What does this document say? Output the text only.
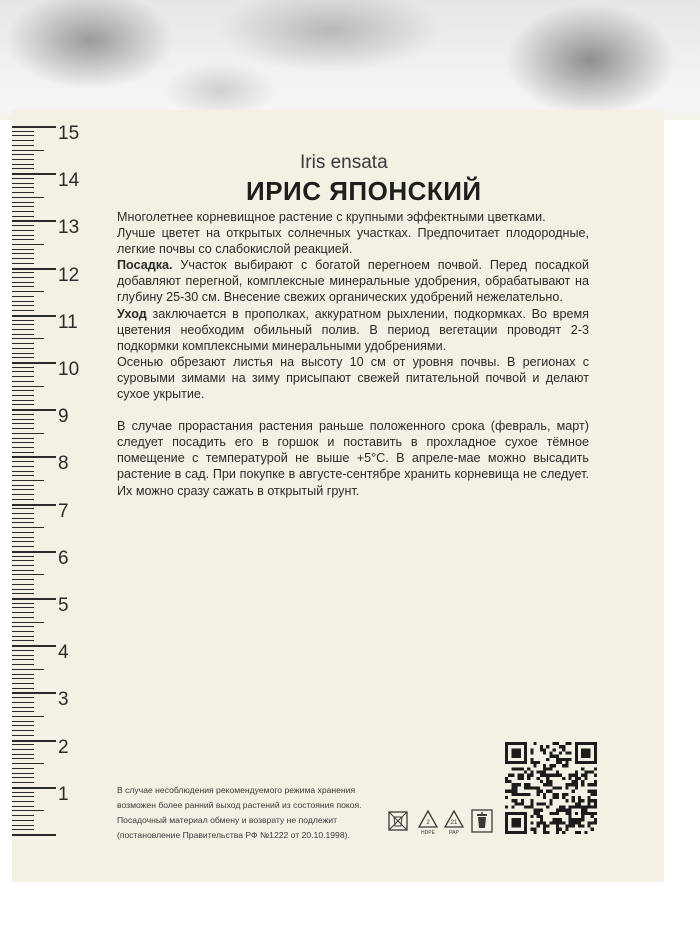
15
14
13
12
11
10
9
8
7
6
5
4
3
2
1
Iris ensata
ИРИС ЯПОНСКИЙ

Многолетнее корневищное растение с крупными эффектными цветками.

Лучше цветет на открытых солнечных участках. Предпочитает плодородные, легкие почвы со слабокислой реакцией.

Посадка. Участок выбирают с богатой перегноем почвой. Перед посадкой добавляют перегной, комплексные минеральные удобрения, обрабатывают на глубину 25-30 см. Внесение свежих органических удобрений нежелательно.

Уход заключается в прополках, аккуратном рыхлении, подкормках. Во время цветения необходим обильный полив. В период вегетации проводят 2-3 подкормки комплексными минеральными удобрениями.

Осенью обрезают листья на высоту 10 см от уровня почвы. В регионах с суровыми зимами на зиму присыпают свежей питательной почвой и делают сухое укрытие.

В случае прорастания растения раньше положенного срока (февраль, март) следует посадить его в горшок и поставить в прохладное сухое тёмное помещение с температурой не выше +5°С. В апреле-мае можно высадить растение в сад. При покупке в августе-сентябре хранить корневища не следует. Их можно сразу сажать в открытый грунт.

В случае несоблюдения рекомендуемого режима хранения
возможен более ранний выход растений из состояния покоя.
Посадочный материал обмену и возврату не подлежит
(постановление Правительства РФ №1222 от 20.10.1998).
2
HDPE
21
PAP
